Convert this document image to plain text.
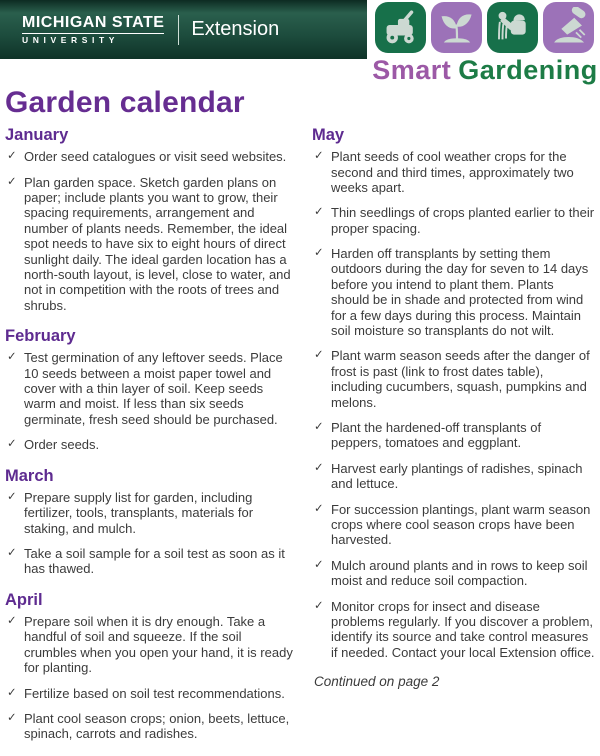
MICHIGAN STATE
UNIVERSITY	Extension
Smart Gardening
Garden calendar
January
✓ Order seed catalogues or visit seed websites.
✓ Plan garden space. Sketch garden plans on paper; include plants you want to grow, their spacing requirements, arrangement and number of plants needs. Remember, the ideal spot needs to have six to eight hours of direct sunlight daily. The ideal garden location has a north-south layout, is level, close to water, and not in competition with the roots of trees and shrubs.
February
✓ Test germination of any leftover seeds. Place 10 seeds between a moist paper towel and cover with a thin layer of soil. Keep seeds warm and moist. If less than six seeds germinate, fresh seed should be purchased.
✓ Order seeds.
March
✓ Prepare supply list for garden, including fertilizer, tools, transplants, materials for staking, and mulch.
✓ Take a soil sample for a soil test as soon as it has thawed.
April
✓ Prepare soil when it is dry enough. Take a handful of soil and squeeze. If the soil crumbles when you open your hand, it is ready for planting.
✓ Fertilize based on soil test recommendations.
✓ Plant cool season crops; onion, beets, lettuce, spinach, carrots and radishes.
May
✓ Plant seeds of cool weather crops for the second and third times, approximately two weeks apart.
✓ Thin seedlings of crops planted earlier to their proper spacing.
✓ Harden off transplants by setting them outdoors during the day for seven to 14 days before you intend to plant them. Plants should be in shade and protected from wind for a few days during this process. Maintain soil moisture so transplants do not wilt.
✓ Plant warm season seeds after the danger of frost is past (link to frost dates table), including cucumbers, squash, pumpkins and melons.
✓ Plant the hardened-off transplants of peppers, tomatoes and eggplant.
✓ Harvest early plantings of radishes, spinach and lettuce.
✓ For succession plantings, plant warm season crops where cool season crops have been harvested.
✓ Mulch around plants and in rows to keep soil moist and reduce soil compaction.
✓ Monitor crops for insect and disease problems regularly. If you discover a problem, identify its source and take control measures if needed. Contact your local Extension office.
Continued on page 2
